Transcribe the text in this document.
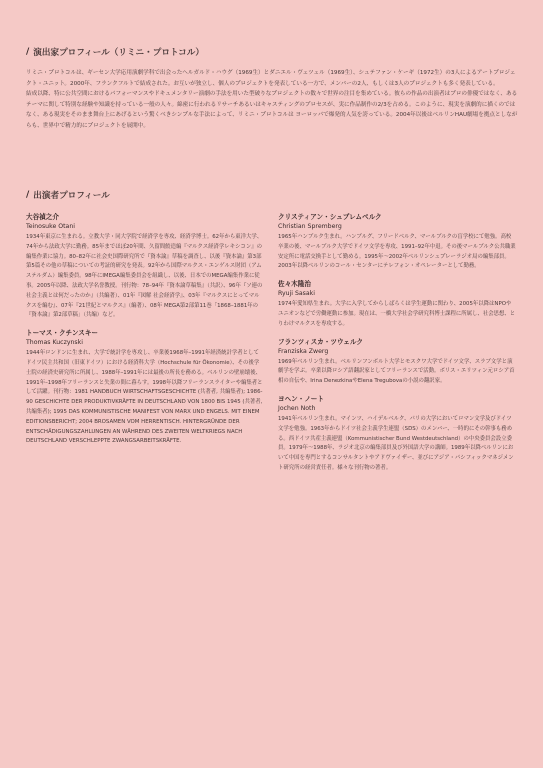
/ 演出家プロフィール（リミニ・プロトコル）

リミニ・プロトコルは、ギーセン大学応用演劇学科で出会ったヘルガルド・ハウグ（1969生）とダニエル・ヴェツェル（1969生）、シュテファン・ケーギ（1972生）の3人によるアートプロジェクト・ユニット。2000年、フランクフルトで結成された。お互いが独立し、個人のプロジェクトを発表している一方で、メンバーの2人、もしくは3人のプロジェクトも多く発表している。

結成以降、特に公共空間におけるパフォーマンスやドキュメンタリー演劇の手法を用いた型破りなプロジェクトの数々で世界の注目を集めている。彼らの作品の出演者はプロの俳優ではなく、あるテーマに関して特別な経験や知識を持っている一般の人々。綿密に行われるリサーチあるいはキャスティングのプロセスが、実に作品制作の2/3を占める。このように、現実を演劇的に描くのではなく、ある現実をそのまま舞台上にあげるという驚くべきシンプルな手法によって、リミニ・プロトコルは ヨーロッパで爆発的人気を誇っている。2004年以後はベルリンHAU劇場を拠点としながらも、世界中で精力的にプロジェクトを展開中。

/ 出演者プロフィール
大谷禎之介
Teinosuke Otani

1934年東京に生まれる。立教大学・同大学院で経済学を専攻、経済学博士。62年から東洋大学、74年から法政大学に勤務。85年までほぼ20年間、久留間鮫造編『マルクス経済学レキシコン』の編集作業に協力。80–82年に社会史国際研究所で『資本論』草稿を調査し、以後『資本論』第3部第5篇その他の草稿についての考証的研究を発表。92年から国際マルクス・エンゲルス財団（アムステルダム）編集委員。98年にIMEGA編集委員会を組織し、以後、日本でのMEGA編集作業に従事。2005年以降、法政大学名誉教授。刊行物：78–94年『資本論草稿集』（共訳）、96年『ソ連の社会主義とは何だったのか』（共編著）、01年『図解 社会経済学』、03年『マルクスにとってマルクスを編む』、07年『21世紀とマルクス』（編著）、08年 MEGA第2部第11巻「1868–1881年の『資本論』第2部草稿」（共編）など。

トーマス・クチンスキー
Thomas Kuczynski

1944年ロンドンに生まれ、大学で統計学を専攻し、卒業後1968年–1991年経済統計学者としてドイツ民主共和国（旧東ドイツ）における経済科大学（Hochschule für Ökonomie）、その後学士院の経済史研究所に所属し、1988年–1991年には最後の所長を務める。ベルリンの壁崩壊後、1991年–1998年フリーランスと失業の間に暮らす。1998年以降フリーランスライターや編集者として活躍。刊行物：1981 HANDBUCH WIRTSCHAFTSGESCHICHTE (共著者, 共編集者); 1986-90 GESCHICHTE DER PRODUKTIVKRÄFTE IN DEUTSCHLAND VON 1800 BIS 1945 (共著者, 共編集者); 1995 DAS KOMMUNISTISCHE MANIFEST VON MARX UND ENGELS. MIT EINEM EDITIONSBERICHT; 2004 BROSAMEN VOM HERRENTISCH. HINTERGRÜNDE DER ENTSCHÄDIGUNGSZAHLUNGEN AN WÄHREND DES ZWEITEN WELTKRIEGS NACH DEUTSCHLAND VERSCHLEPPTE ZWANGSARBEITSKRÄFTE.

クリスティアン・シュプレムベルク
Christian Spremberg

1965年ハンブルク生まれ。ハンブルグ、フリードベルク、マールブルクの盲学校にて勉強。高校卒業の後、マールブルク大学でドイツ文学を専攻、1991–92年中退。その後マールブルク公共職業安定所に電話交換手として勤める。1995年〜2002年ベルリンシュプレーラジオ局の編集部員。2003年以降ベルリンのコール・センターにテレフォン・オペレーターとして勤務。

佐々木隆治
Ryuji Sasaki

1974年愛知県生まれ。大学に入学してからしばらくは学生運動に関わり、2005年以降はNPOやユニオンなどで労働運動に参加。現在は、一橋大学社会学研究科博士課程に所属し、社会思想、とりわけマルクスを専攻する。

フランツィスカ・ツウェルク
Franziska Zwerg

1969年ベルリン生まれ。ベルリンフンボルト大学とモスクワ大学でドイツ文学、スラブ文学と演劇学を学ぶ。卒業以降ロシア語翻訳家としてフリーランスで活動。ボリス・エリツィン元ロシア首相の自伝や、Irina DenezkinaやElena Tregubovaの小説の翻訳家。

ヨヘン・ノート
Jochen Noth

1941年ベルリン生まれ。マインツ、ハイデルベルク、パリの大学においてロマン文学及びドイツ文学を勉強。1963年からドイツ社会主義学生連盟（SDS）のメンバー、一時的にその幹事も務める。西ドイツ共産主義連盟（Kommunistischer Bund Westdeutschland）の中央委員会設立委員。1979年〜1988年、ラジオ北京の編集部員及び外国語大学の講師。1989年以降ベルリンにおいて中国を専門とするコンサルタントやアドヴァイザー、並びにアジア・パシフィックマネジメント研究所の経営責任者。様々な刊行物の著者。
